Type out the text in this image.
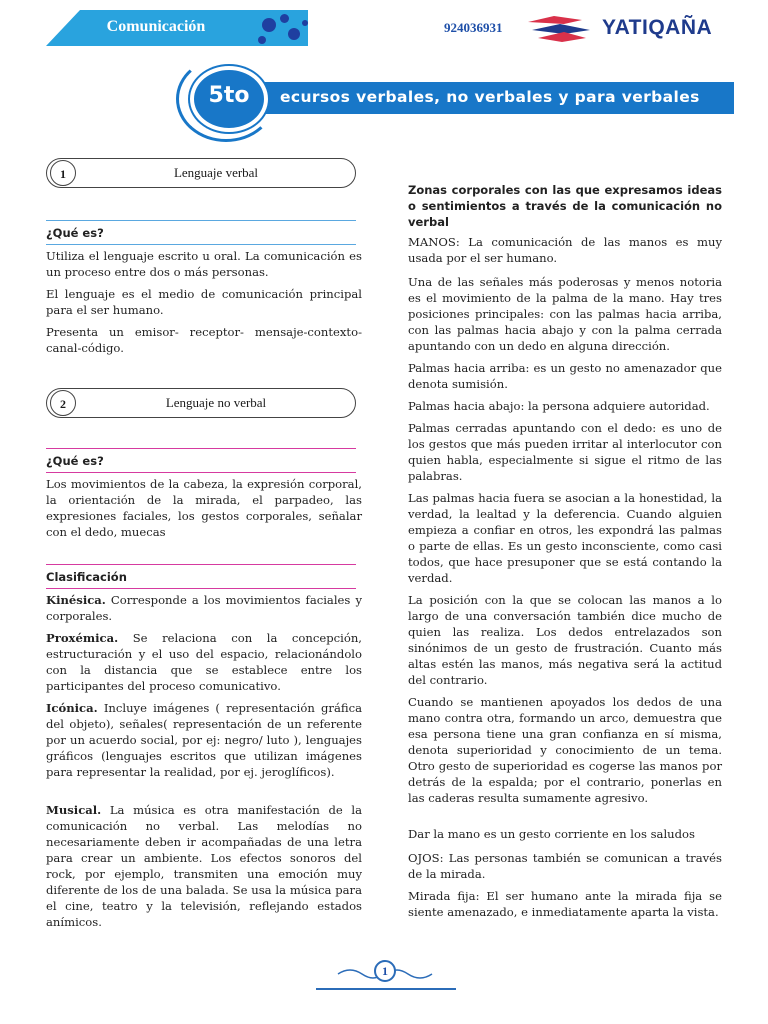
Comunicación	924036931	YATIQAÑA
ecursos verbales, no verbales y para verbales
5to
1	Lenguaje verbal
¿Qué es?
Utiliza el lenguaje escrito u oral. La comunicación es un proceso entre dos o más personas.
El lenguaje es el medio de comunicación principal para el ser humano.
Presenta un emisor- receptor- mensaje-contexto-canal-código.
2	Lenguaje no verbal
¿Qué es?
Los movimientos de la cabeza, la expresión corporal, la orientación de la mirada, el parpadeo, las expresiones faciales, los gestos corporales, señalar con el dedo, muecas
Clasificación
Kinésica. Corresponde a los movimientos faciales y corporales.
Proxémica. Se relaciona con la concepción, estructuración y el uso del espacio, relacionándolo con la distancia que se establece entre los participantes del proceso comunicativo.
Icónica. Incluye imágenes ( representación gráfica del objeto), señales( representación de un referente por un acuerdo social, por ej: negro/ luto ), lenguajes gráficos (lenguajes escritos que utilizan imágenes para representar la realidad, por ej. jeroglíficos).
Musical. La música es otra manifestación de la comunicación no verbal. Las melodías no necesariamente deben ir acompañadas de una letra para crear un ambiente. Los efectos sonoros del rock, por ejemplo, transmiten una emoción muy diferente de los de una balada. Se usa la música para el cine, teatro y la televisión, reflejando estados anímicos.
Zonas corporales con las que expresamos ideas o sentimientos a través de la comunicación no verbal
MANOS: La comunicación de las manos es muy usada por el ser humano.
Una de las señales más poderosas y menos notoria es el movimiento de la palma de la mano. Hay tres posiciones principales: con las palmas hacia arriba, con las palmas hacia abajo y con la palma cerrada apuntando con un dedo en alguna dirección.
Palmas hacia arriba: es un gesto no amenazador que denota sumisión.
Palmas hacia abajo: la persona adquiere autoridad.
Palmas cerradas apuntando con el dedo: es uno de los gestos que más pueden irritar al interlocutor con quien habla, especialmente si sigue el ritmo de las palabras.
Las palmas hacia fuera se asocian a la honestidad, la verdad, la lealtad y la deferencia. Cuando alguien empieza a confiar en otros, les expondrá las palmas o parte de ellas. Es un gesto inconsciente, como casi todos, que hace presuponer que se está contando la verdad.
La posición con la que se colocan las manos a lo largo de una conversación también dice mucho de quien las realiza. Los dedos entrelazados son sinónimos de un gesto de frustración. Cuanto más altas estén las manos, más negativa será la actitud del contrario.
Cuando se mantienen apoyados los dedos de una mano contra otra, formando un arco, demuestra que esa persona tiene una gran confianza en sí misma, denota superioridad y conocimiento de un tema. Otro gesto de superioridad es cogerse las manos por detrás de la espalda; por el contrario, ponerlas en las caderas resulta sumamente agresivo.
Dar la mano es un gesto corriente en los saludos
OJOS: Las personas también se comunican a través de la mirada.
Mirada fija: El ser humano ante la mirada fija se siente amenazado, e inmediatamente aparta la vista.
1
